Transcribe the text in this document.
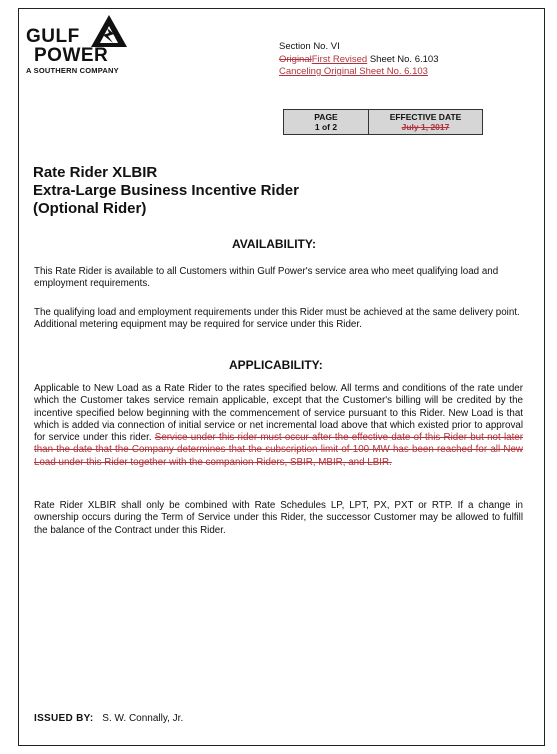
GULF
POWER
A SOUTHERN COMPANY
Section No. VI
OriginalFirst Revised Sheet No. 6.103
Canceling Original Sheet No. 6.103
PAGE
1 of 2
EFFECTIVE DATE
July 1, 2017
Rate Rider XLBIR
Extra-Large Business Incentive Rider
(Optional Rider)
AVAILABILITY:
This Rate Rider is available to all Customers within Gulf Power's service area who meet qualifying load and employment requirements.
The qualifying load and employment requirements under this Rider must be achieved at the same delivery point. Additional metering equipment may be required for service under this Rider.
APPLICABILITY:
Applicable to New Load as a Rate Rider to the rates specified below. All terms and conditions of the rate under which the Customer takes service remain applicable, except that the Customer's billing will be credited by the incentive specified below beginning with the commencement of service pursuant to this Rider. New Load is that which is added via connection of initial service or net incremental load above that which existed prior to approval for service under this rider. Service under this rider must occur after the effective date of this Rider but not later than the date that the Company determines that the subscription limit of 100 MW has been reached for all New Load under this Rider together with the companion Riders, SBIR, MBIR, and LBIR.
Rate Rider XLBIR shall only be combined with Rate Schedules LP, LPT, PX, PXT or RTP. If a change in ownership occurs during the Term of Service under this Rider, the successor Customer may be allowed to fulfill the balance of the Contract under this Rider.
ISSUED BY: S. W. Connally, Jr.
